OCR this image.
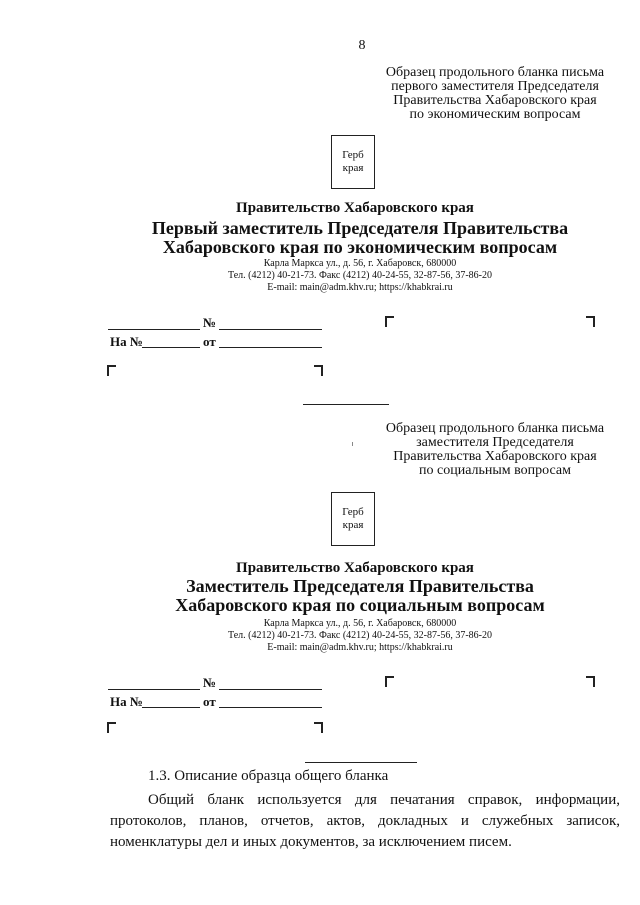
8
Образец продольного бланка письма
первого заместителя Председателя
Правительства Хабаровского края
по экономическим вопросам
Герб
края
Правительство Хабаровского края
Первый заместитель Председателя Правительства
Хабаровского края по экономическим вопросам
Карла Маркса ул., д. 56, г. Хабаровск, 680000
Тел. (4212) 40-21-73. Факс (4212) 40-24-55, 32-87-56, 37-86-20
E-mail: main@adm.khv.ru; https://khabkrai.ru
№
На №	от
Образец продольного бланка письма
заместителя Председателя
Правительства Хабаровского края
по социальным вопросам
Герб
края
Правительство Хабаровского края
Заместитель Председателя Правительства
Хабаровского края по социальным вопросам
Карла Маркса ул., д. 56, г. Хабаровск, 680000
Тел. (4212) 40-21-73. Факс (4212) 40-24-55, 32-87-56, 37-86-20
E-mail: main@adm.khv.ru; https://khabkrai.ru
№
На №	от
1.3. Описание образца общего бланка
Общий бланк используется для печатания справок, информации, протоколов, планов, отчетов, актов, докладных и служебных записок, номенклатуры дел и иных документов, за исключением писем.
